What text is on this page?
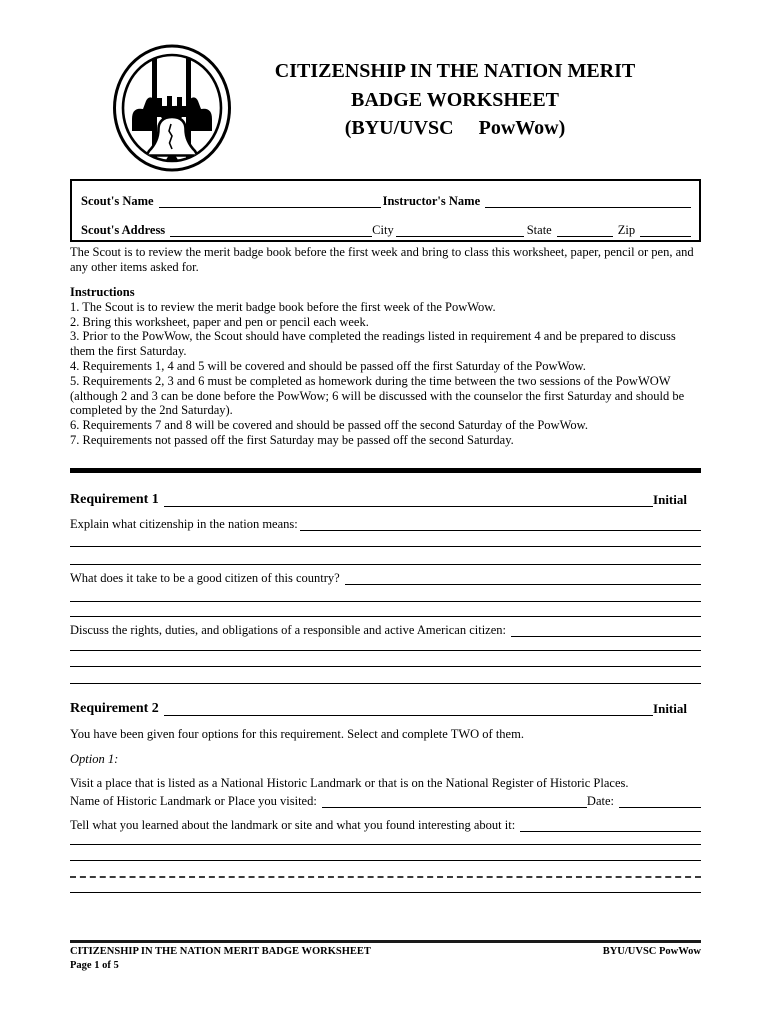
CITIZENSHIP IN THE NATION MERIT
BADGE WORKSHEET
(BYU/UVSC     PowWow)
Scout's Name	Instructor's Name
Scout's Address	City	State	Zip
The Scout is to review the merit badge book before the first week and bring to class this worksheet, paper, pencil or pen, and any other items asked for.
Instructions

1. The Scout is to review the merit badge book before the first week of the PowWow.

2. Bring this worksheet, paper and pen or pencil each week.

3. Prior to the PowWow, the Scout should have completed the readings listed in requirement 4 and be prepared to discuss them the first Saturday.

4. Requirements 1, 4 and 5 will be covered and should be passed off the first Saturday of the PowWow.

5. Requirements 2, 3 and 6 must be completed as homework during the time between the two sessions of the PowWOW (although 2 and 3 can be done before the PowWow; 6 will be discussed with the counselor the first Saturday and should be completed by the 2nd Saturday).

6. Requirements 7 and 8 will be covered and should be passed off the second Saturday of the PowWow.

7. Requirements not passed off the first Saturday may be passed off the second Saturday.

Requirement 1	Initial
Explain what citizenship in the nation means:
What does it take to be a good citizen of this country?
Discuss the rights, duties, and obligations of a responsible and active American citizen:
Requirement 2	Initial
You have been given four options for this requirement. Select and complete TWO of them.
Option 1:
Visit a place that is listed as a National Historic Landmark or that is on the National Register of Historic Places.
Name of Historic Landmark or Place you visited:	Date:
Tell what you learned about the landmark or site and what you found interesting about it:
CITIZENSHIP IN THE NATION MERIT BADGE WORKSHEET	BYU/UVSC PowWow
Page 1 of 5
